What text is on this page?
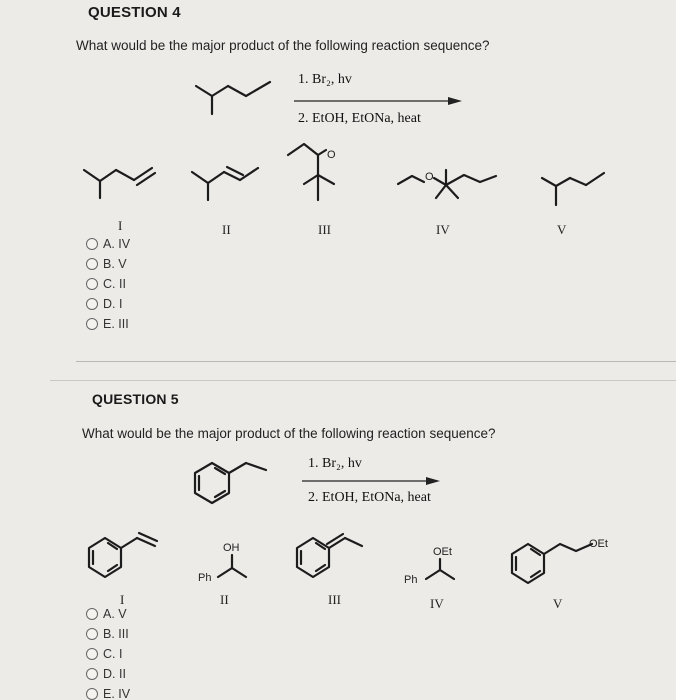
QUESTION 4
What would be the major product of the following reaction sequence?
1. Br₂, hv
2. EtOH, EtONa, heat
O
O
I	II	III	IV	V
A. IV
B. V
C. II
D. I
E. III
QUESTION 5
What would be the major product of the following reaction sequence?
1. Br₂, hv
2. EtOH, EtONa, heat
OH
Ph
OEt
Ph
OEt
I	II	III	IV	V
A. V
B. III
C. I
D. II
E. IV
